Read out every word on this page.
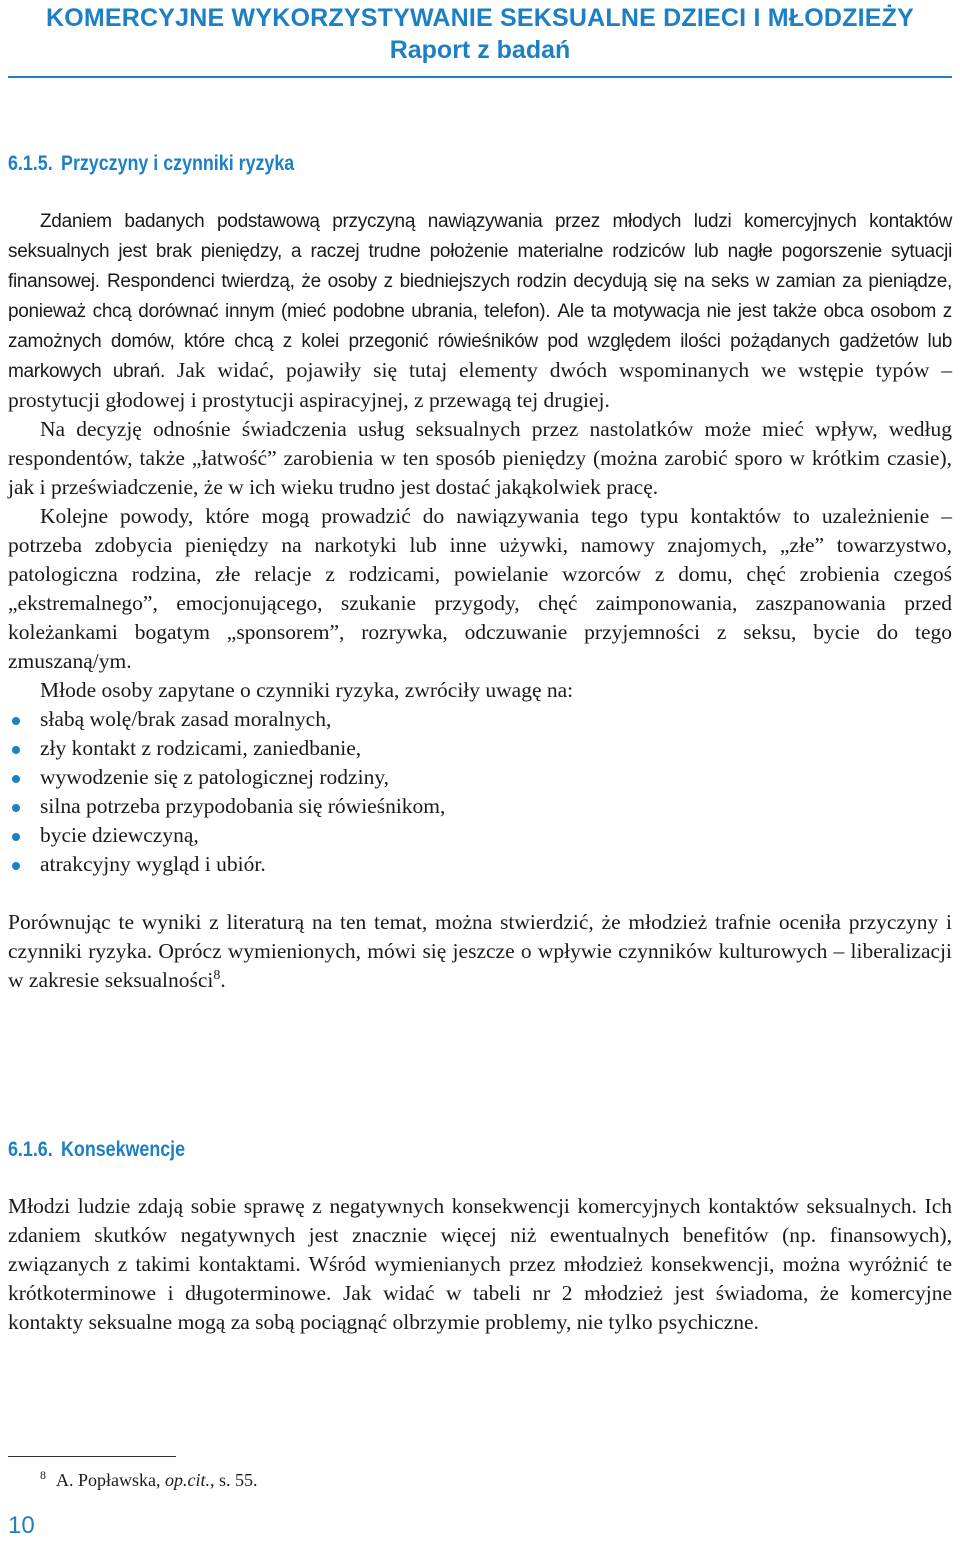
KOMERCYJNE WYKORZYSTYWANIE SEKSUALNE DZIECI I MŁODZIEŻY
Raport z badań
6.1.5. Przyczyny i czynniki ryzyka

Zdaniem badanych podstawową przyczyną nawiązywania przez młodych ludzi komercyjnych kontaktów seksualnych jest brak pieniędzy, a raczej trudne położenie materialne rodziców lub nagłe pogorszenie sytuacji finansowej. Respondenci twierdzą, że osoby z biedniejszych rodzin decydują się na seks w zamian za pieniądze, ponieważ chcą dorównać innym (mieć podobne ubrania, telefon). Ale ta motywacja nie jest także obca osobom z zamożnych domów, które chcą z kolei przegonić rówieśników pod względem ilości pożądanych gadżetów lub markowych ubrań. Jak widać, pojawiły się tutaj elementy dwóch wspominanych we wstępie typów – prostytucji głodowej i prostytucji aspiracyjnej, z przewagą tej drugiej.

Na decyzję odnośnie świadczenia usług seksualnych przez nastolatków może mieć wpływ, według respondentów, także „łatwość” zarobienia w ten sposób pieniędzy (można zarobić sporo w krótkim czasie), jak i przeświadczenie, że w ich wieku trudno jest dostać jakąkolwiek pracę.

Kolejne powody, które mogą prowadzić do nawiązywania tego typu kontaktów to uzależnienie – potrzeba zdobycia pieniędzy na narkotyki lub inne używki, namowy znajomych, „złe” towarzystwo, patologiczna rodzina, złe relacje z rodzicami, powielanie wzorców z domu, chęć zrobienia czegoś „ekstremalnego”, emocjonującego, szukanie przygody, chęć zaimponowania, zaszpanowania przed koleżankami bogatym „sponsorem”, rozrywka, odczuwanie przyjemności z seksu, bycie do tego zmuszaną/ym.

Młode osoby zapytane o czynniki ryzyka, zwróciły uwagę na:

słabą wolę/brak zasad moralnych,
zły kontakt z rodzicami, zaniedbanie,
wywodzenie się z patologicznej rodziny,
silna potrzeba przypodobania się rówieśnikom,
bycie dziewczyną,
atrakcyjny wygląd i ubiór.

Porównując te wyniki z literaturą na ten temat, można stwierdzić, że młodzież trafnie oceniła przyczyny i czynniki ryzyka. Oprócz wymienionych, mówi się jeszcze o wpływie czynników kulturowych – liberalizacji w zakresie seksualności$^8$.

6.1.6. Konsekwencje

Młodzi ludzie zdają sobie sprawę z negatywnych konsekwencji komercyjnych kontaktów seksualnych. Ich zdaniem skutków negatywnych jest znacznie więcej niż ewentualnych benefitów (np. finansowych), związanych z takimi kontaktami. Wśród wymienianych przez młodzież konsekwencji, można wyróżnić te krótkoterminowe i długoterminowe. Jak widać w tabeli nr 2 młodzież jest świadoma, że komercyjne kontakty seksualne mogą za sobą pociągnąć olbrzymie problemy, nie tylko psychiczne.

$^8$ A. Popławska, op.cit., s. 55.
10
